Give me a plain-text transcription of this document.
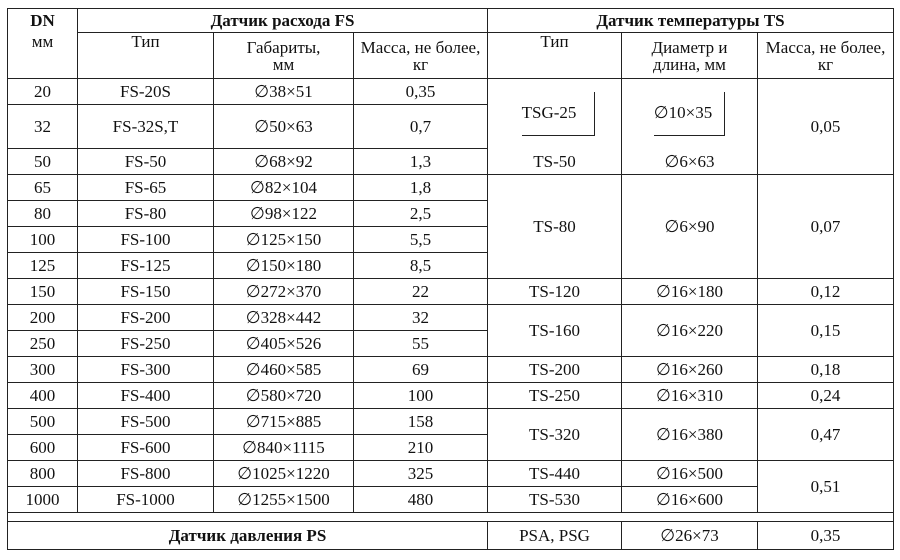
DN	Датчик расхода FS			Датчик температуры TS		
мм	Тип	Габариты, мм	Масса, не более, кг	Тип	Диаметр и длина, мм	Масса, не более, кг
20	FS-20S	∅38×51	0,35	TSG-25	∅10×35	0,05
32	FS-32S,T	∅50×63	0,7			
50	FS-50	∅68×92	1,3	TS-50	∅6×63	
65	FS-65	∅82×104	1,8	TS-80	∅6×90	0,07
80	FS-80	∅98×122	2,5			
100	FS-100	∅125×150	5,5			
125	FS-125	∅150×180	8,5			
150	FS-150	∅272×370	22	TS-120	∅16×180	0,12
200	FS-200	∅328×442	32	TS-160	∅16×220	0,15
250	FS-250	∅405×526	55			
300	FS-300	∅460×585	69	TS-200	∅16×260	0,18
400	FS-400	∅580×720	100	TS-250	∅16×310	0,24
500	FS-500	∅715×885	158	TS-320	∅16×380	0,47
600	FS-600	∅840×1115	210			
800	FS-800	∅1025×1220	325	TS-440	∅16×500	0,51
1000	FS-1000	∅1255×1500	480	TS-530	∅16×600	

Датчик давления PS				PSA, PSG	∅26×73	0,35
